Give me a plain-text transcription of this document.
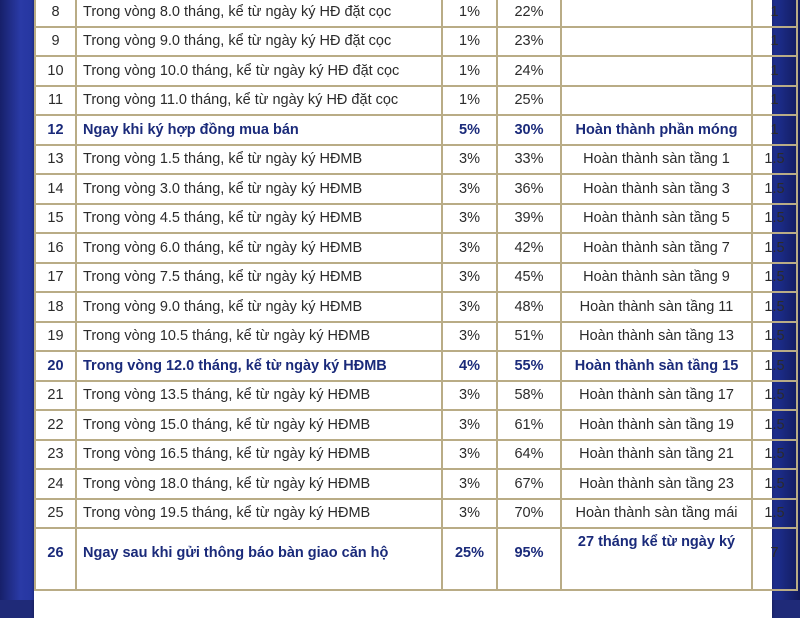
8	Trong vòng 8.0 tháng, kể từ ngày ký HĐ đặt cọc	1%	22%		1
9	Trong vòng 9.0 tháng, kể từ ngày ký HĐ đặt cọc	1%	23%		1
10	Trong vòng 10.0 tháng, kể từ ngày ký HĐ đặt cọc	1%	24%		1
11	Trong vòng 11.0 tháng, kể từ ngày ký HĐ đặt cọc	1%	25%		1
12	Ngay khi ký hợp đồng mua bán	5%	30%	Hoàn thành phần móng	1
13	Trong vòng 1.5 tháng, kể từ ngày ký HĐMB	3%	33%	Hoàn thành sàn tầng 1	1.5
14	Trong vòng 3.0 tháng, kể từ ngày ký HĐMB	3%	36%	Hoàn thành sàn tầng 3	1.5
15	Trong vòng 4.5 tháng, kể từ ngày ký HĐMB	3%	39%	Hoàn thành sàn tầng 5	1.5
16	Trong vòng 6.0 tháng, kể từ ngày ký HĐMB	3%	42%	Hoàn thành sàn tầng 7	1.5
17	Trong vòng 7.5 tháng, kể từ ngày ký HĐMB	3%	45%	Hoàn thành sàn tầng 9	1.5
18	Trong vòng 9.0 tháng, kể từ ngày ký HĐMB	3%	48%	Hoàn thành sàn tầng 11	1.5
19	Trong vòng 10.5 tháng, kể từ ngày ký HĐMB	3%	51%	Hoàn thành sàn tầng 13	1.5
20	Trong vòng 12.0 tháng, kể từ ngày ký HĐMB	4%	55%	Hoàn thành sàn tầng 15	1.5
21	Trong vòng 13.5 tháng, kể từ ngày ký HĐMB	3%	58%	Hoàn thành sàn tầng 17	1.5
22	Trong vòng 15.0 tháng, kể từ ngày ký HĐMB	3%	61%	Hoàn thành sàn tầng 19	1.5
23	Trong vòng 16.5 tháng, kể từ ngày ký HĐMB	3%	64%	Hoàn thành sàn tầng 21	1.5
24	Trong vòng 18.0 tháng, kể từ ngày ký HĐMB	3%	67%	Hoàn thành sàn tầng 23	1.5
25	Trong vòng 19.5 tháng, kể từ ngày ký HĐMB	3%	70%	Hoàn thành sàn tầng mái	1.5
26	Ngay sau khi gửi thông báo bàn giao căn hộ	25%	95%	27 tháng kể từ ngày ký	7
